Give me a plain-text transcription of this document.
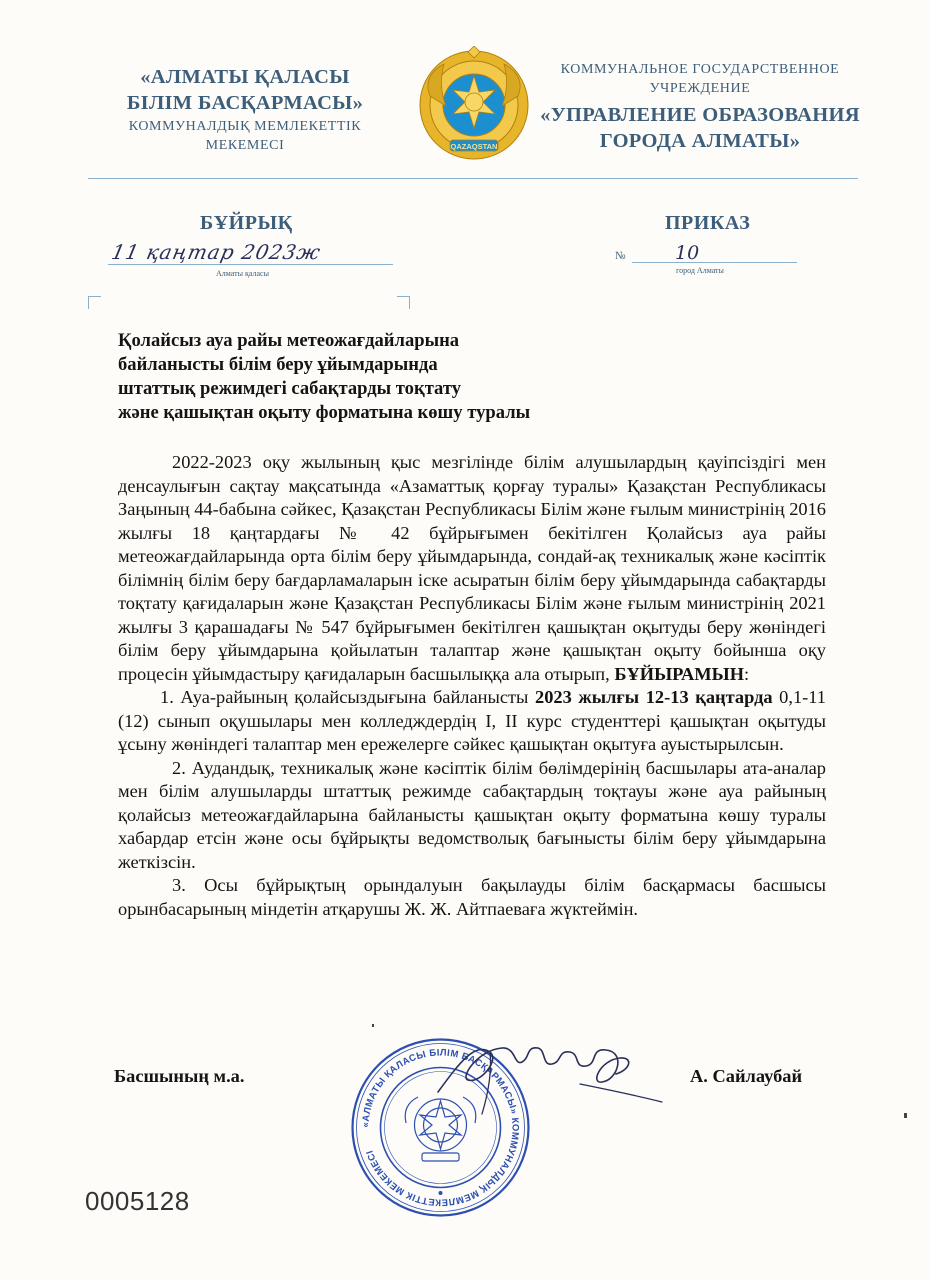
«АЛМАТЫ ҚАЛАСЫ
БІЛІМ БАСҚАРМАСЫ»
КОММУНАЛДЫҚ МЕМЛЕКЕТТІК
МЕКЕМЕСІ	QAZAQSTAN
КОММУНАЛЬНОЕ ГОСУДАРСТВЕННОЕ
УЧРЕЖДЕНИЕ
«УПРАВЛЕНИЕ ОБРАЗОВАНИЯ
ГОРОДА АЛМАТЫ»
БҰЙРЫҚ	ПРИКАЗ
11 қаңтар 2023ж
Алматы қаласы
№	10
город Алматы
Қолайсыз ауа райы метеожағдайларына
байланысты білім беру ұйымдарында
штаттық режимдегі сабақтарды тоқтату
және қашықтан оқыту форматына көшу туралы

2022-2023 оқу жылының қыс мезгілінде білім алушылардың қауіпсіздігі мен денсаулығын сақтау мақсатында «Азаматтық қорғау туралы» Қазақстан Республикасы Заңының 44-бабына сәйкес, Қазақстан Республикасы Білім және ғылым министрінің 2016 жылғы 18 қаңтардағы № 42 бұйрығымен бекітілген Қолайсыз ауа райы метеожағдайларында орта білім беру ұйымдарында, сондай-ақ техникалық және кәсіптік білімнің білім беру бағдарламаларын іске асыратын білім беру ұйымдарында сабақтарды тоқтату қағидаларын және Қазақстан Республикасы Білім және ғылым министрінің 2021 жылғы 3 қарашадағы № 547 бұйрығымен бекітілген қашықтан оқытуды беру жөніндегі білім беру ұйымдарына қойылатын талаптар және қашықтан оқыту бойынша оқу процесін ұйымдастыру қағидаларын басшылыққа ала отырып, БҰЙЫРАМЫН:

1. Ауа-райының қолайсыздығына байланысты 2023 жылғы 12-13 қаңтарда 0,1-11 (12) сынып оқушылары мен колледждердің I, II курс студенттері қашықтан оқытуды ұсыну жөніндегі талаптар мен ережелерге сәйкес қашықтан оқытуға ауыстырылсын.

2. Аудандық, техникалық және кәсіптік білім бөлімдерінің басшылары ата-аналар мен білім алушыларды штаттық режимде сабақтардың тоқтауы және ауа райының қолайсыз метеожағдайларына байланысты қашықтан оқыту форматына көшу туралы хабардар етсін және осы бұйрықты ведомстволық бағынысты білім беру ұйымдарына жеткізсін.

3. Осы бұйрықтың орындалуын бақылауды білім басқармасы басшысы орынбасарының міндетін атқарушы Ж. Ж. Айтпаеваға жүктеймін.

Басшының м.а.	А. Сайлаубай
«АЛМАТЫ ҚАЛАСЫ БІЛІМ БАСҚАРМАСЫ» КОММУНАЛДЫҚ МЕМЛЕКЕТТІК МЕКЕМЕСІ
0005128
